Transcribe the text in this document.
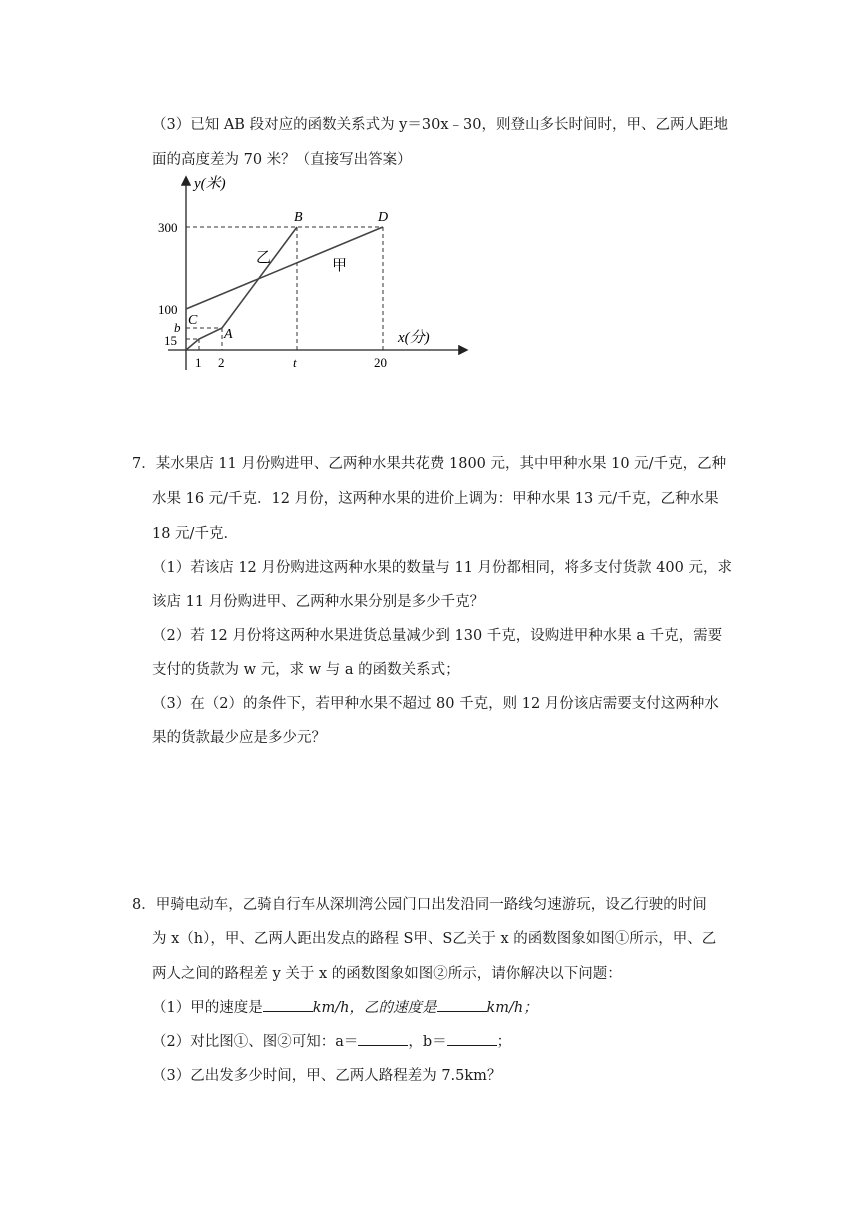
（3）已知 AB 段对应的函数关系式为 y＝30x﹣30，则登山多长时间时，甲、乙两人距地
面的高度差为 70 米？（直接写出答案）
y(米)
x(分)
300
100
b
15
1 2	t	20
B	D
C
A
乙	甲
7．某水果店 11 月份购进甲、乙两种水果共花费 1800 元，其中甲种水果 10 元/千克，乙种
水果 16 元/千克．12 月份，这两种水果的进价上调为：甲种水果 13 元/千克，乙种水果
18 元/千克．
（1）若该店 12 月份购进这两种水果的数量与 11 月份都相同，将多支付货款 400 元，求
该店 11 月份购进甲、乙两种水果分别是多少千克？
（2）若 12 月份将这两种水果进货总量减少到 130 千克，设购进甲种水果 a 千克，需要
支付的货款为 w 元，求 w 与 a 的函数关系式；
（3）在（2）的条件下，若甲种水果不超过 80 千克，则 12 月份该店需要支付这两种水
果的货款最少应是多少元？
8．甲骑电动车，乙骑自行车从深圳湾公园门口出发沿同一路线匀速游玩，设乙行驶的时间
为 x（h），甲、乙两人距出发点的路程 S甲、S乙关于 x 的函数图象如图①所示，甲、乙
两人之间的路程差 y 关于 x 的函数图象如图②所示，请你解决以下问题：
（1）甲的速度是	km/h，乙的速度是	km/h；
（2）对比图①、图②可知：a＝	，b＝	；
（3）乙出发多少时间，甲、乙两人路程差为 7.5km？
